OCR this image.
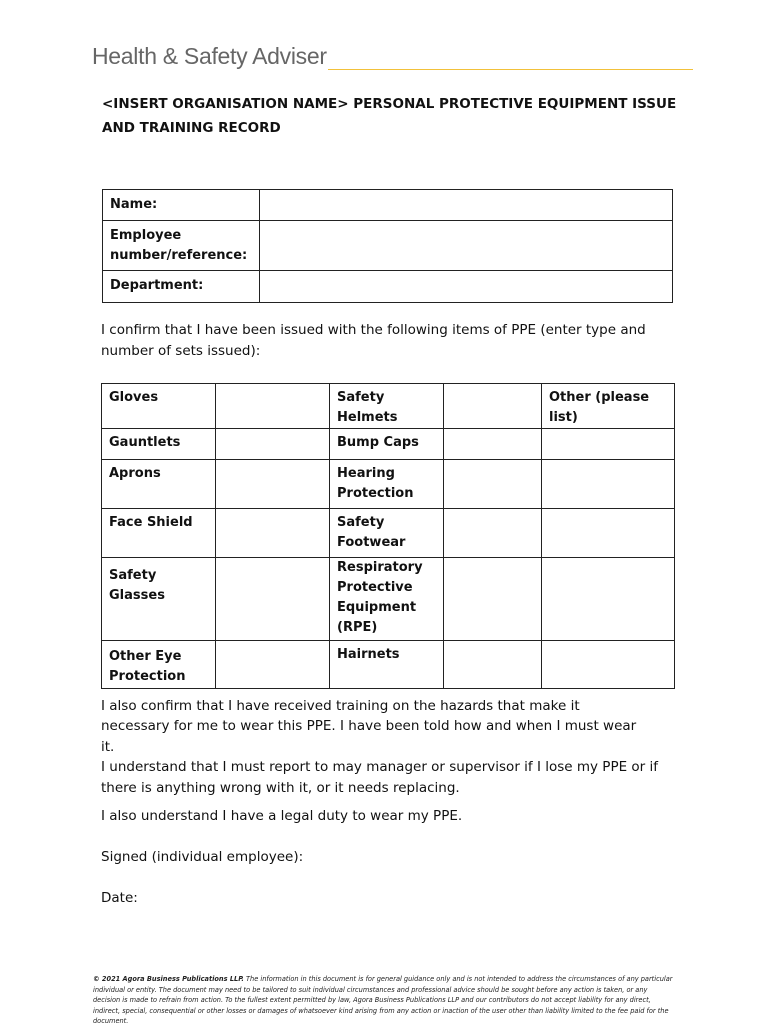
Health & Safety Adviser
<INSERT ORGANISATION NAME> PERSONAL PROTECTIVE EQUIPMENT ISSUE AND TRAINING RECORD
Name:	
Employee number/reference:	
Department:	
I confirm that I have been issued with the following items of PPE (enter type and number of sets issued):
Gloves		Safety Helmets		Other (please list)
Gauntlets		Bump Caps		
Aprons		Hearing Protection		
Face Shield		Safety Footwear		
Safety Glasses		Respiratory Protective Equipment (RPE)		
Other Eye Protection		Hairnets		
I also confirm that I have received training on the hazards that make it
necessary for me to wear this PPE. I have been told how and when I must wear
it.
I understand that I must report to may manager or supervisor if I lose my PPE or if there is anything wrong with it, or it needs replacing.
I also understand I have a legal duty to wear my PPE.
Signed (individual employee):
Date:
© 2021 Agora Business Publications LLP. The information in this document is for general guidance only and is not intended to address the circumstances of any particular individual or entity. The document may need to be tailored to suit individual circumstances and professional advice should be sought before any action is taken, or any decision is made to refrain from action. To the fullest extent permitted by law, Agora Business Publications LLP and our contributors do not accept liability for any direct, indirect, special, consequential or other losses or damages of whatsoever kind arising from any action or inaction of the user other than liability limited to the fee paid for the document.
